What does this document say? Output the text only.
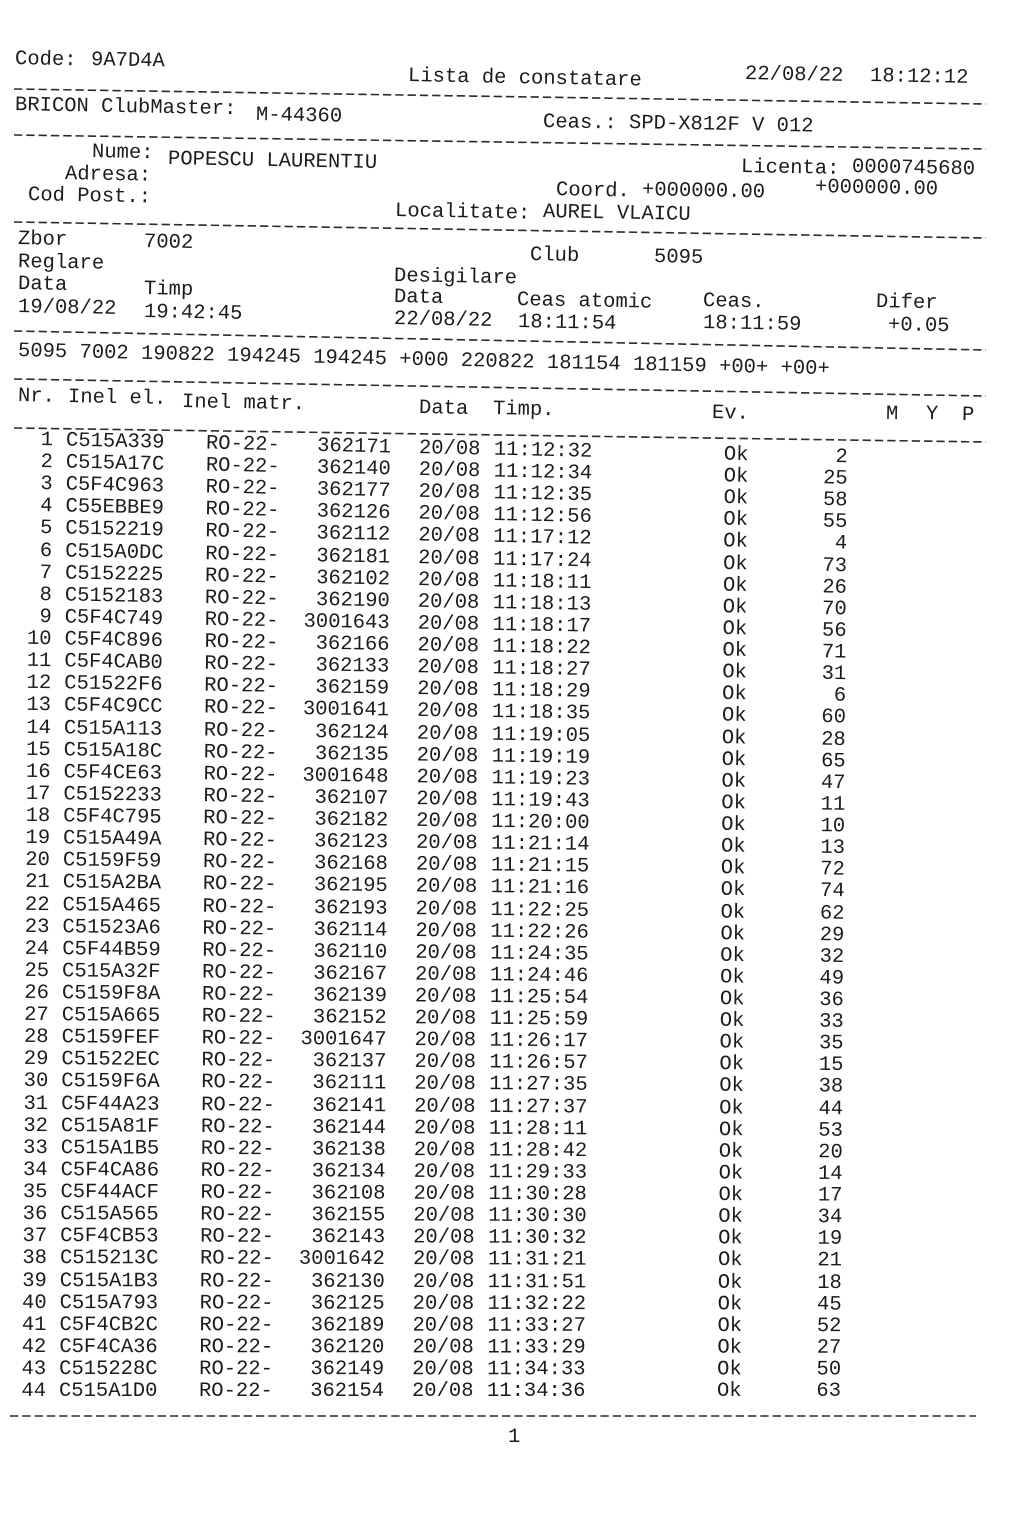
Code: 9A7D4A
Lista de constatare	22/08/22 18:12:12
BRICON ClubMaster: M-44360	Ceas.: SPD-X812F V 012
Nume: POPESCU LAURENTIU
Adresa:	Licenta: 0000745680
Cod Post.:	Coord. +000000.00 +000000.00
Localitate: AUREL VLAICU
Zbor	7002
Reglare	Club	5095
Desigilare
Data	Timp
19/08/22 19:42:45
Data	Ceas atomic Ceas.	Difer
22/08/22 18:11:54	18:11:59	+0.05
5095 7002 190822 194245 194245 +000 220822 181154 181159 +00+ +00+
Nr. Inel el. Inel matr.	Data Timp.	Ev.	M Y P
1 C515A339 RO-22-	362171 20/08 11:12:32	Ok	2
2 C515A17C RO-22-	362140 20/08 11:12:34	Ok	25
3 C5F4C963 RO-22-	362177 20/08 11:12:35	Ok	58
4 C55EBBE9 RO-22-	362126 20/08 11:12:56	Ok	55
5 C5152219 RO-22-	362112 20/08 11:17:12	Ok	4
6 C515A0DC RO-22-	362181 20/08 11:17:24	Ok	73
7 C5152225 RO-22-	362102 20/08 11:18:11	Ok	26
8 C5152183 RO-22-	362190 20/08 11:18:13	Ok	70
9 C5F4C749 RO-22-	3001643 20/08 11:18:17	Ok	56
10 C5F4C896 RO-22-	362166 20/08 11:18:22	Ok	71
11 C5F4CAB0 RO-22-	362133 20/08 11:18:27	Ok	31
12 C51522F6 RO-22-	362159 20/08 11:18:29	Ok	6
13 C5F4C9CC RO-22-	3001641 20/08 11:18:35	Ok	60
14 C515A113 RO-22-	362124 20/08 11:19:05	Ok	28
15 C515A18C RO-22-	362135 20/08 11:19:19	Ok	65
16 C5F4CE63 RO-22-	3001648 20/08 11:19:23	Ok	47
17 C5152233 RO-22-	362107 20/08 11:19:43	Ok	11
18 C5F4C795 RO-22-	362182 20/08 11:20:00	Ok	10
19 C515A49A RO-22-	362123 20/08 11:21:14	Ok	13
20 C5159F59 RO-22-	362168 20/08 11:21:15	Ok	72
21 C515A2BA RO-22-	362195 20/08 11:21:16	Ok	74
22 C515A465 RO-22-	362193 20/08 11:22:25	Ok	62
23 C51523A6 RO-22-	362114 20/08 11:22:26	Ok	29
24 C5F44B59 RO-22-	362110 20/08 11:24:35	Ok	32
25 C515A32F RO-22-	362167 20/08 11:24:46	Ok	49
26 C5159F8A RO-22-	362139 20/08 11:25:54	Ok	36
27 C515A665 RO-22-	362152 20/08 11:25:59	Ok	33
28 C5159FEF RO-22-	3001647 20/08 11:26:17	Ok	35
29 C51522EC RO-22-	362137 20/08 11:26:57	Ok	15
30 C5159F6A RO-22-	362111 20/08 11:27:35	Ok	38
31 C5F44A23 RO-22-	362141 20/08 11:27:37	Ok	44
32 C515A81F RO-22-	362144 20/08 11:28:11	Ok	53
33 C515A1B5 RO-22-	362138 20/08 11:28:42	Ok	20
34 C5F4CA86 RO-22-	362134 20/08 11:29:33	Ok	14
35 C5F44ACF RO-22-	362108 20/08 11:30:28	Ok	17
36 C515A565 RO-22-	362155 20/08 11:30:30	Ok	34
37 C5F4CB53 RO-22-	362143 20/08 11:30:32	Ok	19
38 C515213C RO-22-	3001642 20/08 11:31:21	Ok	21
39 C515A1B3 RO-22-	362130 20/08 11:31:51	Ok	18
40 C515A793 RO-22-	362125 20/08 11:32:22	Ok	45
41 C5F4CB2C RO-22-	362189 20/08 11:33:27	Ok	52
42 C5F4CA36 RO-22-	362120 20/08 11:33:29	Ok	27
43 C515228C RO-22-	362149 20/08 11:34:33	Ok	50
44 C515A1D0 RO-22-	362154 20/08 11:34:36	Ok	63
1
